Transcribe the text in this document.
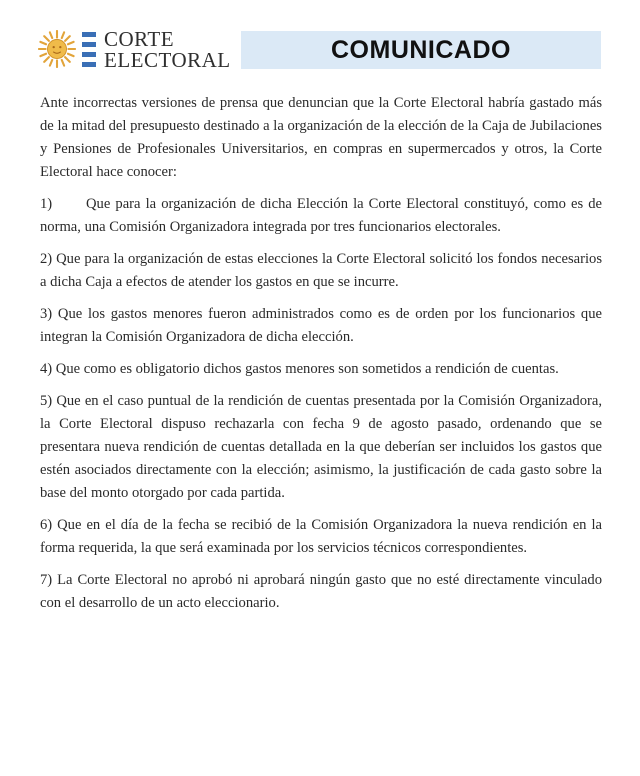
CORTE
ELECTORAL	COMUNICADO

Ante incorrectas versiones de prensa que denuncian que la Corte Electoral habría gastado más de la mitad del presupuesto destinado a la organización de la elección de la Caja de Jubilaciones y Pensiones de Profesionales Universitarios, en compras en supermercados y otros, la Corte Electoral hace conocer:

1) Que para la organización de dicha Elección la Corte Electoral constituyó, como es de norma, una Comisión Organizadora integrada por tres funcionarios electorales.

2) Que para la organización de estas elecciones la Corte Electoral solicitó los fondos necesarios a dicha Caja a efectos de atender los gastos en que se incurre.

3) Que los gastos menores fueron administrados como es de orden por los funcionarios que integran la Comisión Organizadora de dicha elección.

4) Que como es obligatorio dichos gastos menores son sometidos a rendición de cuentas.

5) Que en el caso puntual de la rendición de cuentas presentada por la Comisión Organizadora, la Corte Electoral dispuso rechazarla con fecha 9 de agosto pasado, ordenando que se presentara nueva rendición de cuentas detallada en la que deberían ser incluidos los gastos que estén asociados directamente con la elección; asimismo, la justificación de cada gasto sobre la base del monto otorgado por cada partida.

6) Que en el día de la fecha se recibió de la Comisión Organizadora la nueva rendición en la forma requerida, la que será examinada por los servicios técnicos correspondientes.

7) La Corte Electoral no aprobó ni aprobará ningún gasto que no esté directamente vinculado con el desarrollo de un acto eleccionario.
